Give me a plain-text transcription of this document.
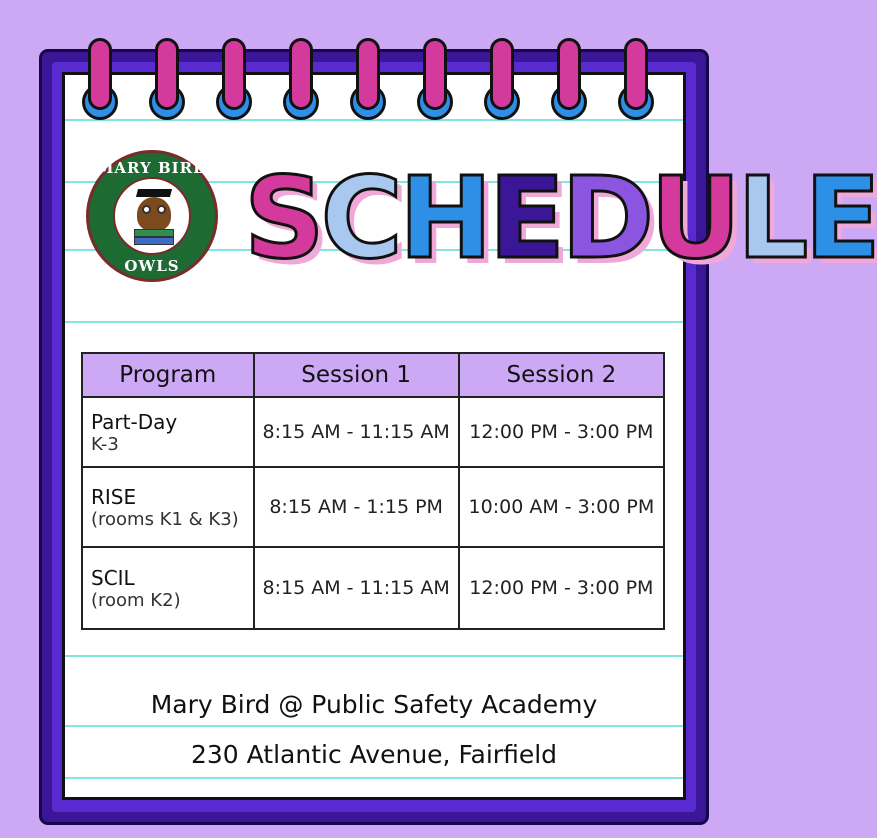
MARY BIRD
OWLS S C H E D U L E
Program	Session 1	Session 2

Part-Day
K-3	8:15 AM - 11:15 AM	12:00 PM - 3:00 PM

RISE
(rooms K1 & K3)	8:15 AM - 1:15 PM	10:00 AM - 3:00 PM

SCIL
(room K2)	8:15 AM - 11:15 AM	12:00 PM - 3:00 PM
Mary Bird @ Public Safety Academy
230 Atlantic Avenue, Fairfield
